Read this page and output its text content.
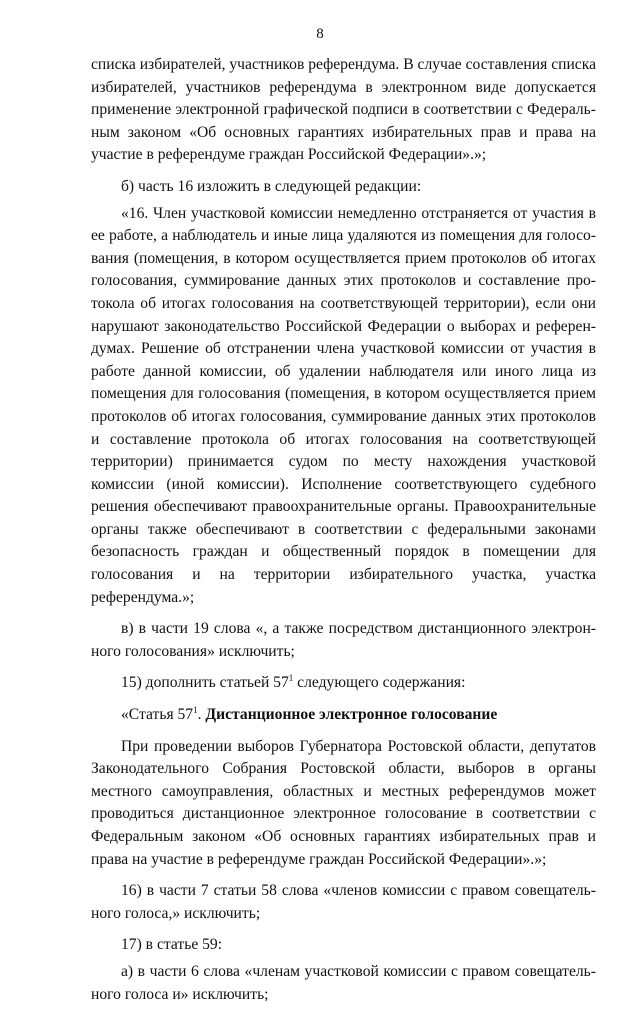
8

списка избирателей, участников референдума. В случае составления списка избирателей, участников референдума в электронном виде допускается применение электронной графической подписи в соответствии с Федеральным законом «Об основных гарантиях избирательных прав и права на участие в референдуме граждан Российской Федерации».»;

б) часть 16 изложить в следующей редакции:

«16. Член участковой комиссии немедленно отстраняется от участия в ее работе, а наблюдатель и иные лица удаляются из помещения для голосования (помещения, в котором осуществляется прием протоколов об итогах голосования, суммирование данных этих протоколов и составление протокола об итогах голосования на соответствующей территории), если они нарушают законодательство Российской Федерации о выборах и референдумах. Решение об отстранении члена участковой комиссии от участия в работе данной комиссии, об удалении наблюдателя или иного лица из помещения для голосования (помещения, в котором осуществляется прием протоколов об итогах голосования, суммирование данных этих протоколов и составление протокола об итогах голосования на соответствующей территории) принимается судом по месту нахождения участковой комиссии (иной комиссии). Исполнение соответствующего судебного решения обеспечивают правоохранительные органы. Правоохранительные органы также обеспечивают в соответствии с федеральными законами безопасность граждан и общественный порядок в помещении для голосования и на территории избирательного участка, участка референдума.»;

в) в части 19 слова «, а также посредством дистанционного электронного голосования» исключить;

15) дополнить статьей $57^1$ следующего содержания:

«Статья $57^1$. Дистанционное электронное голосование

При проведении выборов Губернатора Ростовской области, депутатов Законодательного Собрания Ростовской области, выборов в органы местного самоуправления, областных и местных референдумов может проводиться дистанционное электронное голосование в соответствии с Федеральным законом «Об основных гарантиях избирательных прав и права на участие в референдуме граждан Российской Федерации».»;

16) в части 7 статьи 58 слова «членов комиссии с правом совещательного голоса,» исключить;

17) в статье 59:

а) в части 6 слова «членам участковой комиссии с правом совещательного голоса и» исключить;
